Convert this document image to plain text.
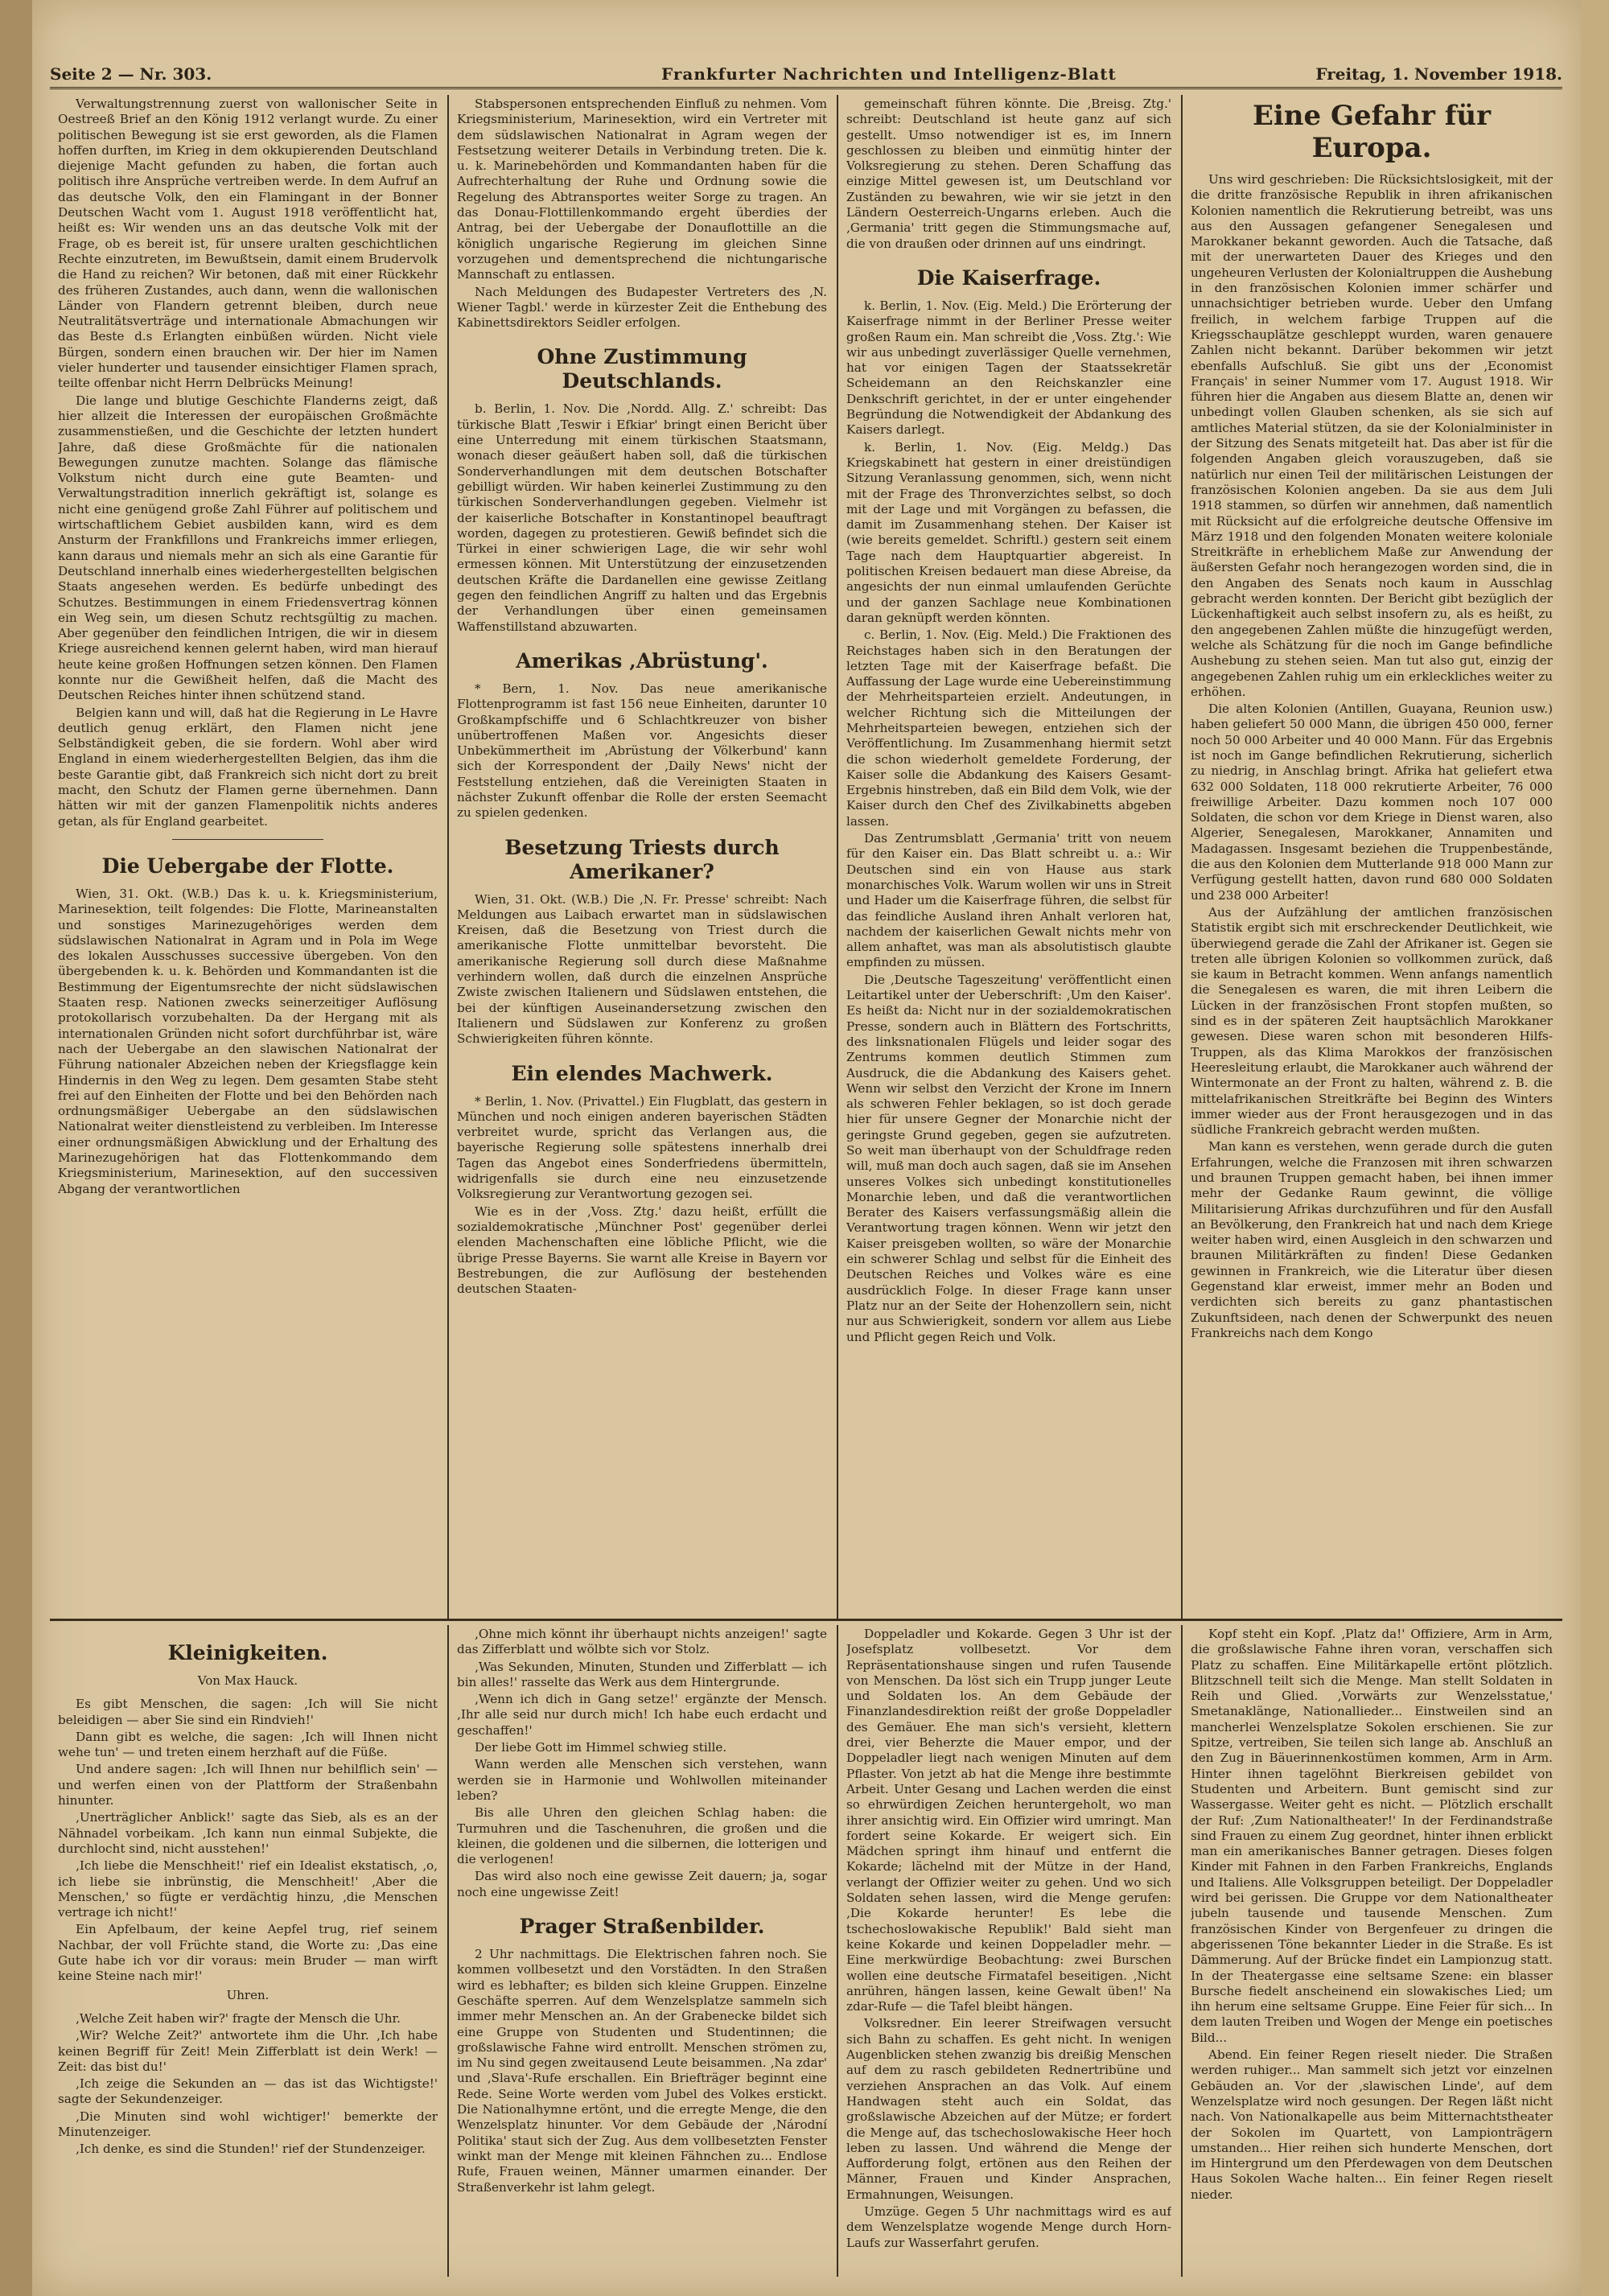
Seite 2 — Nr. 303.	Frankfurter Nachrichten und Intelligenz-Blatt	Freitag, 1. November 1918.

Verwaltungstrennung zuerst von wallonischer Seite in Oestreeß Brief an den König 1912 verlangt wurde. Zu einer politischen Bewegung ist sie erst geworden, als die Flamen hoffen durften, im Krieg in dem okkupierenden Deutschland diejenige Macht gefunden zu haben, die fortan auch politisch ihre Ansprüche vertreiben werde. In dem Aufruf an das deutsche Volk, den ein Flamingant in der Bonner Deutschen Wacht vom 1. August 1918 veröffentlicht hat, heißt es: Wir wenden uns an das deutsche Volk mit der Frage, ob es bereit ist, für unsere uralten geschichtlichen Rechte einzutreten, im Bewußtsein, damit einem Brudervolk die Hand zu reichen? Wir betonen, daß mit einer Rückkehr des früheren Zustandes, auch dann, wenn die wallonischen Länder von Flandern getrennt bleiben, durch neue Neutralitätsverträge und internationale Abmachungen wir das Beste d.s Erlangten einbüßen würden. Nicht viele Bürgen, sondern einen brauchen wir. Der hier im Namen vieler hunderter und tausender einsichtiger Flamen sprach, teilte offenbar nicht Herrn Delbrücks Meinung!

Die lange und blutige Geschichte Flanderns zeigt, daß hier allzeit die Interessen der europäischen Großmächte zusammenstießen, und die Geschichte der letzten hundert Jahre, daß diese Großmächte für die nationalen Bewegungen zunutze machten. Solange das flämische Volkstum nicht durch eine gute Beamten- und Verwaltungstradition innerlich gekräftigt ist, solange es nicht eine genügend große Zahl Führer auf politischem und wirtschaftlichem Gebiet ausbilden kann, wird es dem Ansturm der Frankfillons und Frankreichs immer erliegen, kann daraus und niemals mehr an sich als eine Garantie für Deutschland innerhalb eines wiederhergestellten belgischen Staats angesehen werden. Es bedürfe unbedingt des Schutzes. Bestimmungen in einem Friedensvertrag können ein Weg sein, um diesen Schutz rechtsgültig zu machen. Aber gegenüber den feindlichen Intrigen, die wir in diesem Kriege ausreichend kennen gelernt haben, wird man hierauf heute keine großen Hoffnungen setzen können. Den Flamen konnte nur die Gewißheit helfen, daß die Macht des Deutschen Reiches hinter ihnen schützend stand.

Belgien kann und will, daß hat die Regierung in Le Havre deutlich genug erklärt, den Flamen nicht jene Selbständigkeit geben, die sie fordern. Wohl aber wird England in einem wiederhergestellten Belgien, das ihm die beste Garantie gibt, daß Frankreich sich nicht dort zu breit macht, den Schutz der Flamen gerne übernehmen. Dann hätten wir mit der ganzen Flamenpolitik nichts anderes getan, als für England gearbeitet.

Die Uebergabe der Flotte.

Wien, 31. Okt. (W.B.) Das k. u. k. Kriegsministerium, Marinesektion, teilt folgendes: Die Flotte, Marineanstalten und sonstiges Marinezugehöriges werden dem südslawischen Nationalrat in Agram und in Pola im Wege des lokalen Ausschusses successive übergeben. Von den übergebenden k. u. k. Behörden und Kommandanten ist die Bestimmung der Eigentumsrechte der nicht südslawischen Staaten resp. Nationen zwecks seinerzeitiger Auflösung protokollarisch vorzubehalten. Da der Hergang mit als internationalen Gründen nicht sofort durchführbar ist, wäre nach der Uebergabe an den slawischen Nationalrat der Führung nationaler Abzeichen neben der Kriegsflagge kein Hindernis in den Weg zu legen. Dem gesamten Stabe steht frei auf den Einheiten der Flotte und bei den Behörden nach ordnungsmäßiger Uebergabe an den südslawischen Nationalrat weiter dienstleistend zu verbleiben. Im Interesse einer ordnungsmäßigen Abwicklung und der Erhaltung des Marinezugehörigen hat das Flottenkommando dem Kriegsministerium, Marinesektion, auf den successiven Abgang der verantwortlichen

Stabspersonen entsprechenden Einfluß zu nehmen. Vom Kriegsministerium, Marinesektion, wird ein Vertreter mit dem südslawischen Nationalrat in Agram wegen der Festsetzung weiterer Details in Verbindung treten. Die k. u. k. Marinebehörden und Kommandanten haben für die Aufrechterhaltung der Ruhe und Ordnung sowie die Regelung des Abtransportes weiter Sorge zu tragen. An das Donau-Flottillenkommando ergeht überdies der Antrag, bei der Uebergabe der Donauflottille an die königlich ungarische Regierung im gleichen Sinne vorzugehen und dementsprechend die nichtungarische Mannschaft zu entlassen.

Nach Meldungen des Budapester Vertreters des ‚N. Wiener Tagbl.' werde in kürzester Zeit die Enthebung des Kabinettsdirektors Seidler erfolgen.

Ohne Zustimmung Deutschlands.

b. Berlin, 1. Nov. Die ‚Nordd. Allg. Z.' schreibt: Das türkische Blatt ‚Teswir i Efkiar' bringt einen Bericht über eine Unterredung mit einem türkischen Staatsmann, wonach dieser geäußert haben soll, daß die türkischen Sonderverhandlungen mit dem deutschen Botschafter gebilligt würden. Wir haben keinerlei Zustimmung zu den türkischen Sonderverhandlungen gegeben. Vielmehr ist der kaiserliche Botschafter in Konstantinopel beauftragt worden, dagegen zu protestieren. Gewiß befindet sich die Türkei in einer schwierigen Lage, die wir sehr wohl ermessen können. Mit Unterstützung der einzusetzenden deutschen Kräfte die Dardanellen eine gewisse Zeitlang gegen den feindlichen Angriff zu halten und das Ergebnis der Verhandlungen über einen gemeinsamen Waffenstillstand abzuwarten.

Amerikas ‚Abrüstung'.

* Bern, 1. Nov. Das neue amerikanische Flottenprogramm ist fast 156 neue Einheiten, darunter 10 Großkampfschiffe und 6 Schlachtkreuzer von bisher unübertroffenen Maßen vor. Angesichts dieser Unbekümmertheit im ‚Abrüstung der Völkerbund' kann sich der Korrespondent der ‚Daily News' nicht der Feststellung entziehen, daß die Vereinigten Staaten in nächster Zukunft offenbar die Rolle der ersten Seemacht zu spielen gedenken.

Besetzung Triests durch Amerikaner?

Wien, 31. Okt. (W.B.) Die ‚N. Fr. Presse' schreibt: Nach Meldungen aus Laibach erwartet man in südslawischen Kreisen, daß die Besetzung von Triest durch die amerikanische Flotte unmittelbar bevorsteht. Die amerikanische Regierung soll durch diese Maßnahme verhindern wollen, daß durch die einzelnen Ansprüche Zwiste zwischen Italienern und Südslawen entstehen, die bei der künftigen Auseinandersetzung zwischen den Italienern und Südslawen zur Konferenz zu großen Schwierigkeiten führen könnte.

Ein elendes Machwerk.

* Berlin, 1. Nov. (Privattel.) Ein Flugblatt, das gestern in München und noch einigen anderen bayerischen Städten verbreitet wurde, spricht das Verlangen aus, die bayerische Regierung solle spätestens innerhalb drei Tagen das Angebot eines Sonderfriedens übermitteln, widrigenfalls sie durch eine neu einzusetzende Volksregierung zur Verantwortung gezogen sei.

Wie es in der ‚Voss. Ztg.' dazu heißt, erfüllt die sozialdemokratische ‚Münchner Post' gegenüber derlei elenden Machenschaften eine löbliche Pflicht, wie die übrige Presse Bayerns. Sie warnt alle Kreise in Bayern vor Bestrebungen, die zur Auflösung der bestehenden deutschen Staaten-

gemeinschaft führen könnte. Die ‚Breisg. Ztg.' schreibt: Deutschland ist heute ganz auf sich gestellt. Umso notwendiger ist es, im Innern geschlossen zu bleiben und einmütig hinter der Volksregierung zu stehen. Deren Schaffung das einzige Mittel gewesen ist, um Deutschland vor Zuständen zu bewahren, wie wir sie jetzt in den Ländern Oesterreich-Ungarns erleben. Auch die ‚Germania' tritt gegen die Stimmungsmache auf, die von draußen oder drinnen auf uns eindringt.

Die Kaiserfrage.

k. Berlin, 1. Nov. (Eig. Meld.) Die Erörterung der Kaiserfrage nimmt in der Berliner Presse weiter großen Raum ein. Man schreibt die ‚Voss. Ztg.': Wie wir aus unbedingt zuverlässiger Quelle vernehmen, hat vor einigen Tagen der Staatssekretär Scheidemann an den Reichskanzler eine Denkschrift gerichtet, in der er unter eingehender Begründung die Notwendigkeit der Abdankung des Kaisers darlegt.

k. Berlin, 1. Nov. (Eig. Meldg.) Das Kriegskabinett hat gestern in einer dreistündigen Sitzung Veranlassung genommen, sich, wenn nicht mit der Frage des Thronverzichtes selbst, so doch mit der Lage und mit Vorgängen zu befassen, die damit im Zusammenhang stehen. Der Kaiser ist (wie bereits gemeldet. Schriftl.) gestern seit einem Tage nach dem Hauptquartier abgereist. In politischen Kreisen bedauert man diese Abreise, da angesichts der nun einmal umlaufenden Gerüchte und der ganzen Sachlage neue Kombinationen daran geknüpft werden könnten.

c. Berlin, 1. Nov. (Eig. Meld.) Die Fraktionen des Reichstages haben sich in den Beratungen der letzten Tage mit der Kaiserfrage befaßt. Die Auffassung der Lage wurde eine Uebereinstimmung der Mehrheitsparteien erzielt. Andeutungen, in welcher Richtung sich die Mitteilungen der Mehrheitsparteien bewegen, entziehen sich der Veröffentlichung. Im Zusammenhang hiermit setzt die schon wiederholt gemeldete Forderung, der Kaiser solle die Abdankung des Kaisers Gesamt-Ergebnis hinstreben, daß ein Bild dem Volk, wie der Kaiser durch den Chef des Zivilkabinetts abgeben lassen.

Das Zentrumsblatt ‚Germania' tritt von neuem für den Kaiser ein. Das Blatt schreibt u. a.: Wir Deutschen sind ein von Hause aus stark monarchisches Volk. Warum wollen wir uns in Streit und Hader um die Kaiserfrage führen, die selbst für das feindliche Ausland ihren Anhalt verloren hat, nachdem der kaiserlichen Gewalt nichts mehr von allem anhaftet, was man als absolutistisch glaubte empfinden zu müssen.

Die ‚Deutsche Tageszeitung' veröffentlicht einen Leitartikel unter der Ueberschrift: ‚Um den Kaiser'. Es heißt da: Nicht nur in der sozialdemokratischen Presse, sondern auch in Blättern des Fortschritts, des linksnationalen Flügels und leider sogar des Zentrums kommen deutlich Stimmen zum Ausdruck, die die Abdankung des Kaisers gehet. Wenn wir selbst den Verzicht der Krone im Innern als schweren Fehler beklagen, so ist doch gerade hier für unsere Gegner der Monarchie nicht der geringste Grund gegeben, gegen sie aufzutreten. So weit man überhaupt von der Schuldfrage reden will, muß man doch auch sagen, daß sie im Ansehen unseres Volkes sich unbedingt konstitutionelles Monarchie leben, und daß die verantwortlichen Berater des Kaisers verfassungsmäßig allein die Verantwortung tragen können. Wenn wir jetzt den Kaiser preisgeben wollten, so wäre der Monarchie ein schwerer Schlag und selbst für die Einheit des Deutschen Reiches und Volkes wäre es eine ausdrücklich Folge. In dieser Frage kann unser Platz nur an der Seite der Hohenzollern sein, nicht nur aus Schwierigkeit, sondern vor allem aus Liebe und Pflicht gegen Reich und Volk.

Eine Gefahr für Europa.

Uns wird geschrieben: Die Rücksichtslosigkeit, mit der die dritte französische Republik in ihren afrikanischen Kolonien namentlich die Rekrutierung betreibt, was uns aus den Aussagen gefangener Senegalesen und Marokkaner bekannt geworden. Auch die Tatsache, daß mit der unerwarteten Dauer des Krieges und den ungeheuren Verlusten der Kolonialtruppen die Aushebung in den französischen Kolonien immer schärfer und unnachsichtiger betrieben wurde. Ueber den Umfang freilich, in welchem farbige Truppen auf die Kriegsschauplätze geschleppt wurden, waren genauere Zahlen nicht bekannt. Darüber bekommen wir jetzt ebenfalls Aufschluß. Sie gibt uns der ‚Economist Français' in seiner Nummer vom 17. August 1918. Wir führen hier die Angaben aus diesem Blatte an, denen wir unbedingt vollen Glauben schenken, als sie sich auf amtliches Material stützen, da sie der Kolonialminister in der Sitzung des Senats mitgeteilt hat. Das aber ist für die folgenden Angaben gleich vorauszugeben, daß sie natürlich nur einen Teil der militärischen Leistungen der französischen Kolonien angeben. Da sie aus dem Juli 1918 stammen, so dürfen wir annehmen, daß namentlich mit Rücksicht auf die erfolgreiche deutsche Offensive im März 1918 und den folgenden Monaten weitere koloniale Streitkräfte in erheblichem Maße zur Anwendung der äußersten Gefahr noch herangezogen worden sind, die in den Angaben des Senats noch kaum in Ausschlag gebracht werden konnten. Der Bericht gibt bezüglich der Lückenhaftigkeit auch selbst insofern zu, als es heißt, zu den angegebenen Zahlen müßte die hinzugefügt werden, welche als Schätzung für die noch im Gange befindliche Aushebung zu stehen seien. Man tut also gut, einzig der angegebenen Zahlen ruhig um ein erkleckliches weiter zu erhöhen.

Die alten Kolonien (Antillen, Guayana, Reunion usw.) haben geliefert 50 000 Mann, die übrigen 450 000, ferner noch 50 000 Arbeiter und 40 000 Mann. Für das Ergebnis ist noch im Gange befindlichen Rekrutierung, sicherlich zu niedrig, in Anschlag bringt. Afrika hat geliefert etwa 632 000 Soldaten, 118 000 rekrutierte Arbeiter, 76 000 freiwillige Arbeiter. Dazu kommen noch 107 000 Soldaten, die schon vor dem Kriege in Dienst waren, also Algerier, Senegalesen, Marokkaner, Annamiten und Madagassen. Insgesamt beziehen die Truppenbestände, die aus den Kolonien dem Mutterlande 918 000 Mann zur Verfügung gestellt hatten, davon rund 680 000 Soldaten und 238 000 Arbeiter!

Aus der Aufzählung der amtlichen französischen Statistik ergibt sich mit erschreckender Deutlichkeit, wie überwiegend gerade die Zahl der Afrikaner ist. Gegen sie treten alle übrigen Kolonien so vollkommen zurück, daß sie kaum in Betracht kommen. Wenn anfangs namentlich die Senegalesen es waren, die mit ihren Leibern die Lücken in der französischen Front stopfen mußten, so sind es in der späteren Zeit hauptsächlich Marokkaner gewesen. Diese waren schon mit besonderen Hilfs-Truppen, als das Klima Marokkos der französischen Heeresleitung erlaubt, die Marokkaner auch während der Wintermonate an der Front zu halten, während z. B. die mittelafrikanischen Streitkräfte bei Beginn des Winters immer wieder aus der Front herausgezogen und in das südliche Frankreich gebracht werden mußten.

Man kann es verstehen, wenn gerade durch die guten Erfahrungen, welche die Franzosen mit ihren schwarzen und braunen Truppen gemacht haben, bei ihnen immer mehr der Gedanke Raum gewinnt, die völlige Militarisierung Afrikas durchzuführen und für den Ausfall an Bevölkerung, den Frankreich hat und nach dem Kriege weiter haben wird, einen Ausgleich in den schwarzen und braunen Militärkräften zu finden! Diese Gedanken gewinnen in Frankreich, wie die Literatur über diesen Gegenstand klar erweist, immer mehr an Boden und verdichten sich bereits zu ganz phantastischen Zukunftsideen, nach denen der Schwerpunkt des neuen Frankreichs nach dem Kongo

Kleinigkeiten.
Von Max Hauck.

Es gibt Menschen, die sagen: ‚Ich will Sie nicht beleidigen — aber Sie sind ein Rindvieh!'

Dann gibt es welche, die sagen: ‚Ich will Ihnen nicht wehe tun' — und treten einem herzhaft auf die Füße.

Und andere sagen: ‚Ich will Ihnen nur behilflich sein' — und werfen einen von der Plattform der Straßenbahn hinunter.

‚Unerträglicher Anblick!' sagte das Sieb, als es an der Nähnadel vorbeikam. ‚Ich kann nun einmal Subjekte, die durchlocht sind, nicht ausstehen!'

‚Ich liebe die Menschheit!' rief ein Idealist ekstatisch, ‚o, ich liebe sie inbrünstig, die Menschheit!' ‚Aber die Menschen,' so fügte er verdächtig hinzu, ‚die Menschen vertrage ich nicht!'

Ein Apfelbaum, der keine Aepfel trug, rief seinem Nachbar, der voll Früchte stand, die Worte zu: ‚Das eine Gute habe ich vor dir voraus: mein Bruder — man wirft keine Steine nach mir!'

Uhren.

‚Welche Zeit haben wir?' fragte der Mensch die Uhr.

‚Wir? Welche Zeit?' antwortete ihm die Uhr. ‚Ich habe keinen Begriff für Zeit! Mein Zifferblatt ist dein Werk! — Zeit: das bist du!'

‚Ich zeige die Sekunden an — das ist das Wichtigste!' sagte der Sekundenzeiger.

‚Die Minuten sind wohl wichtiger!' bemerkte der Minutenzeiger.

‚Ich denke, es sind die Stunden!' rief der Stundenzeiger.

‚Ohne mich könnt ihr überhaupt nichts anzeigen!' sagte das Zifferblatt und wölbte sich vor Stolz.

‚Was Sekunden, Minuten, Stunden und Zifferblatt — ich bin alles!' rasselte das Werk aus dem Hintergrunde.

‚Wenn ich dich in Gang setze!' ergänzte der Mensch. ‚Ihr alle seid nur durch mich! Ich habe euch erdacht und geschaffen!'

Der liebe Gott im Himmel schwieg stille.

Wann werden alle Menschen sich verstehen, wann werden sie in Harmonie und Wohlwollen miteinander leben?

Bis alle Uhren den gleichen Schlag haben: die Turmuhren und die Taschenuhren, die großen und die kleinen, die goldenen und die silbernen, die lotterigen und die verlogenen!

Das wird also noch eine gewisse Zeit dauern; ja, sogar noch eine ungewisse Zeit!

Prager Straßenbilder.

2 Uhr nachmittags. Die Elektrischen fahren noch. Sie kommen vollbesetzt und den Vorstädten. In den Straßen wird es lebhafter; es bilden sich kleine Gruppen. Einzelne Geschäfte sperren. Auf dem Wenzelsplatze sammeln sich immer mehr Menschen an. An der Grabenecke bildet sich eine Gruppe von Studenten und Studentinnen; die großslawische Fahne wird entrollt. Menschen strömen zu, im Nu sind gegen zweitausend Leute beisammen. ‚Na zdar' und ‚Slava'-Rufe erschallen. Ein Briefträger beginnt eine Rede. Seine Worte werden vom Jubel des Volkes erstickt. Die Nationalhymne ertönt, und die erregte Menge, die den Wenzelsplatz hinunter. Vor dem Gebäude der ‚Národní Politika' staut sich der Zug. Aus dem vollbesetzten Fenster winkt man der Menge mit kleinen Fähnchen zu... Endlose Rufe, Frauen weinen, Männer umarmen einander. Der Straßenverkehr ist lahm gelegt.

Doppeladler und Kokarde. Gegen 3 Uhr ist der Josefsplatz vollbesetzt. Vor dem Repräsentationshause singen und rufen Tausende von Menschen. Da löst sich ein Trupp junger Leute und Soldaten los. An dem Gebäude der Finanzlandesdirektion reißt der große Doppeladler des Gemäuer. Ehe man sich's versieht, klettern drei, vier Beherzte die Mauer empor, und der Doppeladler liegt nach wenigen Minuten auf dem Pflaster. Von jetzt ab hat die Menge ihre bestimmte Arbeit. Unter Gesang und Lachen werden die einst so ehrwürdigen Zeichen heruntergeholt, wo man ihrer ansichtig wird. Ein Offizier wird umringt. Man fordert seine Kokarde. Er weigert sich. Ein Mädchen springt ihm hinauf und entfernt die Kokarde; lächelnd mit der Mütze in der Hand, verlangt der Offizier weiter zu gehen. Und wo sich Soldaten sehen lassen, wird die Menge gerufen: ‚Die Kokarde herunter! Es lebe die tschechoslowakische Republik!' Bald sieht man keine Kokarde und keinen Doppeladler mehr. — Eine merkwürdige Beobachtung: zwei Burschen wollen eine deutsche Firmatafel beseitigen. ‚Nicht anrühren, hängen lassen, keine Gewalt üben!' Na zdar-Rufe — die Tafel bleibt hängen.

Volksredner. Ein leerer Streifwagen versucht sich Bahn zu schaffen. Es geht nicht. In wenigen Augenblicken stehen zwanzig bis dreißig Menschen auf dem zu rasch gebildeten Rednertribüne und verziehen Ansprachen an das Volk. Auf einem Handwagen steht auch ein Soldat, das großslawische Abzeichen auf der Mütze; er fordert die Menge auf, das tschechoslowakische Heer hoch leben zu lassen. Und während die Menge der Aufforderung folgt, ertönen aus den Reihen der Männer, Frauen und Kinder Ansprachen, Ermahnungen, Weisungen.

Umzüge. Gegen 5 Uhr nachmittags wird es auf dem Wenzelsplatze wogende Menge durch Horn-Laufs zur Wasserfahrt gerufen.

Kopf steht ein Kopf. ‚Platz da!' Offiziere, Arm in Arm, die großslawische Fahne ihren voran, verschaffen sich Platz zu schaffen. Eine Militärkapelle ertönt plötzlich. Blitzschnell teilt sich die Menge. Man stellt Soldaten in Reih und Glied. ‚Vorwärts zur Wenzelsstatue,' Smetanaklänge, Nationallieder... Einstweilen sind an mancherlei Wenzelsplatze Sokolen erschienen. Sie zur Spitze, vertreiben, Sie teilen sich lange ab. Anschluß an den Zug in Bäuerinnenkostümen kommen, Arm in Arm. Hinter ihnen tagelöhnt Bierkreisen gebildet von Studenten und Arbeitern. Bunt gemischt sind zur Wassergasse. Weiter geht es nicht. — Plötzlich erschallt der Ruf: ‚Zum Nationaltheater!' In der Ferdinandstraße sind Frauen zu einem Zug geordnet, hinter ihnen erblickt man ein amerikanisches Banner getragen. Dieses folgen Kinder mit Fahnen in den Farben Frankreichs, Englands und Italiens. Alle Volksgruppen beteiligt. Der Doppeladler wird bei gerissen. Die Gruppe vor dem Nationaltheater jubeln tausende und tausende Menschen. Zum französischen Kinder von Bergenfeuer zu dringen die abgerissenen Töne bekannter Lieder in die Straße. Es ist Dämmerung. Auf der Brücke findet ein Lampionzug statt. In der Theatergasse eine seltsame Szene: ein blasser Bursche fiedelt anscheinend ein slowakisches Lied; um ihn herum eine seltsame Gruppe. Eine Feier für sich... In dem lauten Treiben und Wogen der Menge ein poetisches Bild...

Abend. Ein feiner Regen rieselt nieder. Die Straßen werden ruhiger... Man sammelt sich jetzt vor einzelnen Gebäuden an. Vor der ‚slawischen Linde', auf dem Wenzelsplatze wird noch gesungen. Der Regen läßt nicht nach. Von Nationalkapelle aus beim Mitternachtstheater der Sokolen im Quartett, von Lampionträgern umstanden... Hier reihen sich hunderte Menschen, dort im Hintergrund um den Pferdewagen von dem Deutschen Haus Sokolen Wache halten... Ein feiner Regen rieselt nieder.
